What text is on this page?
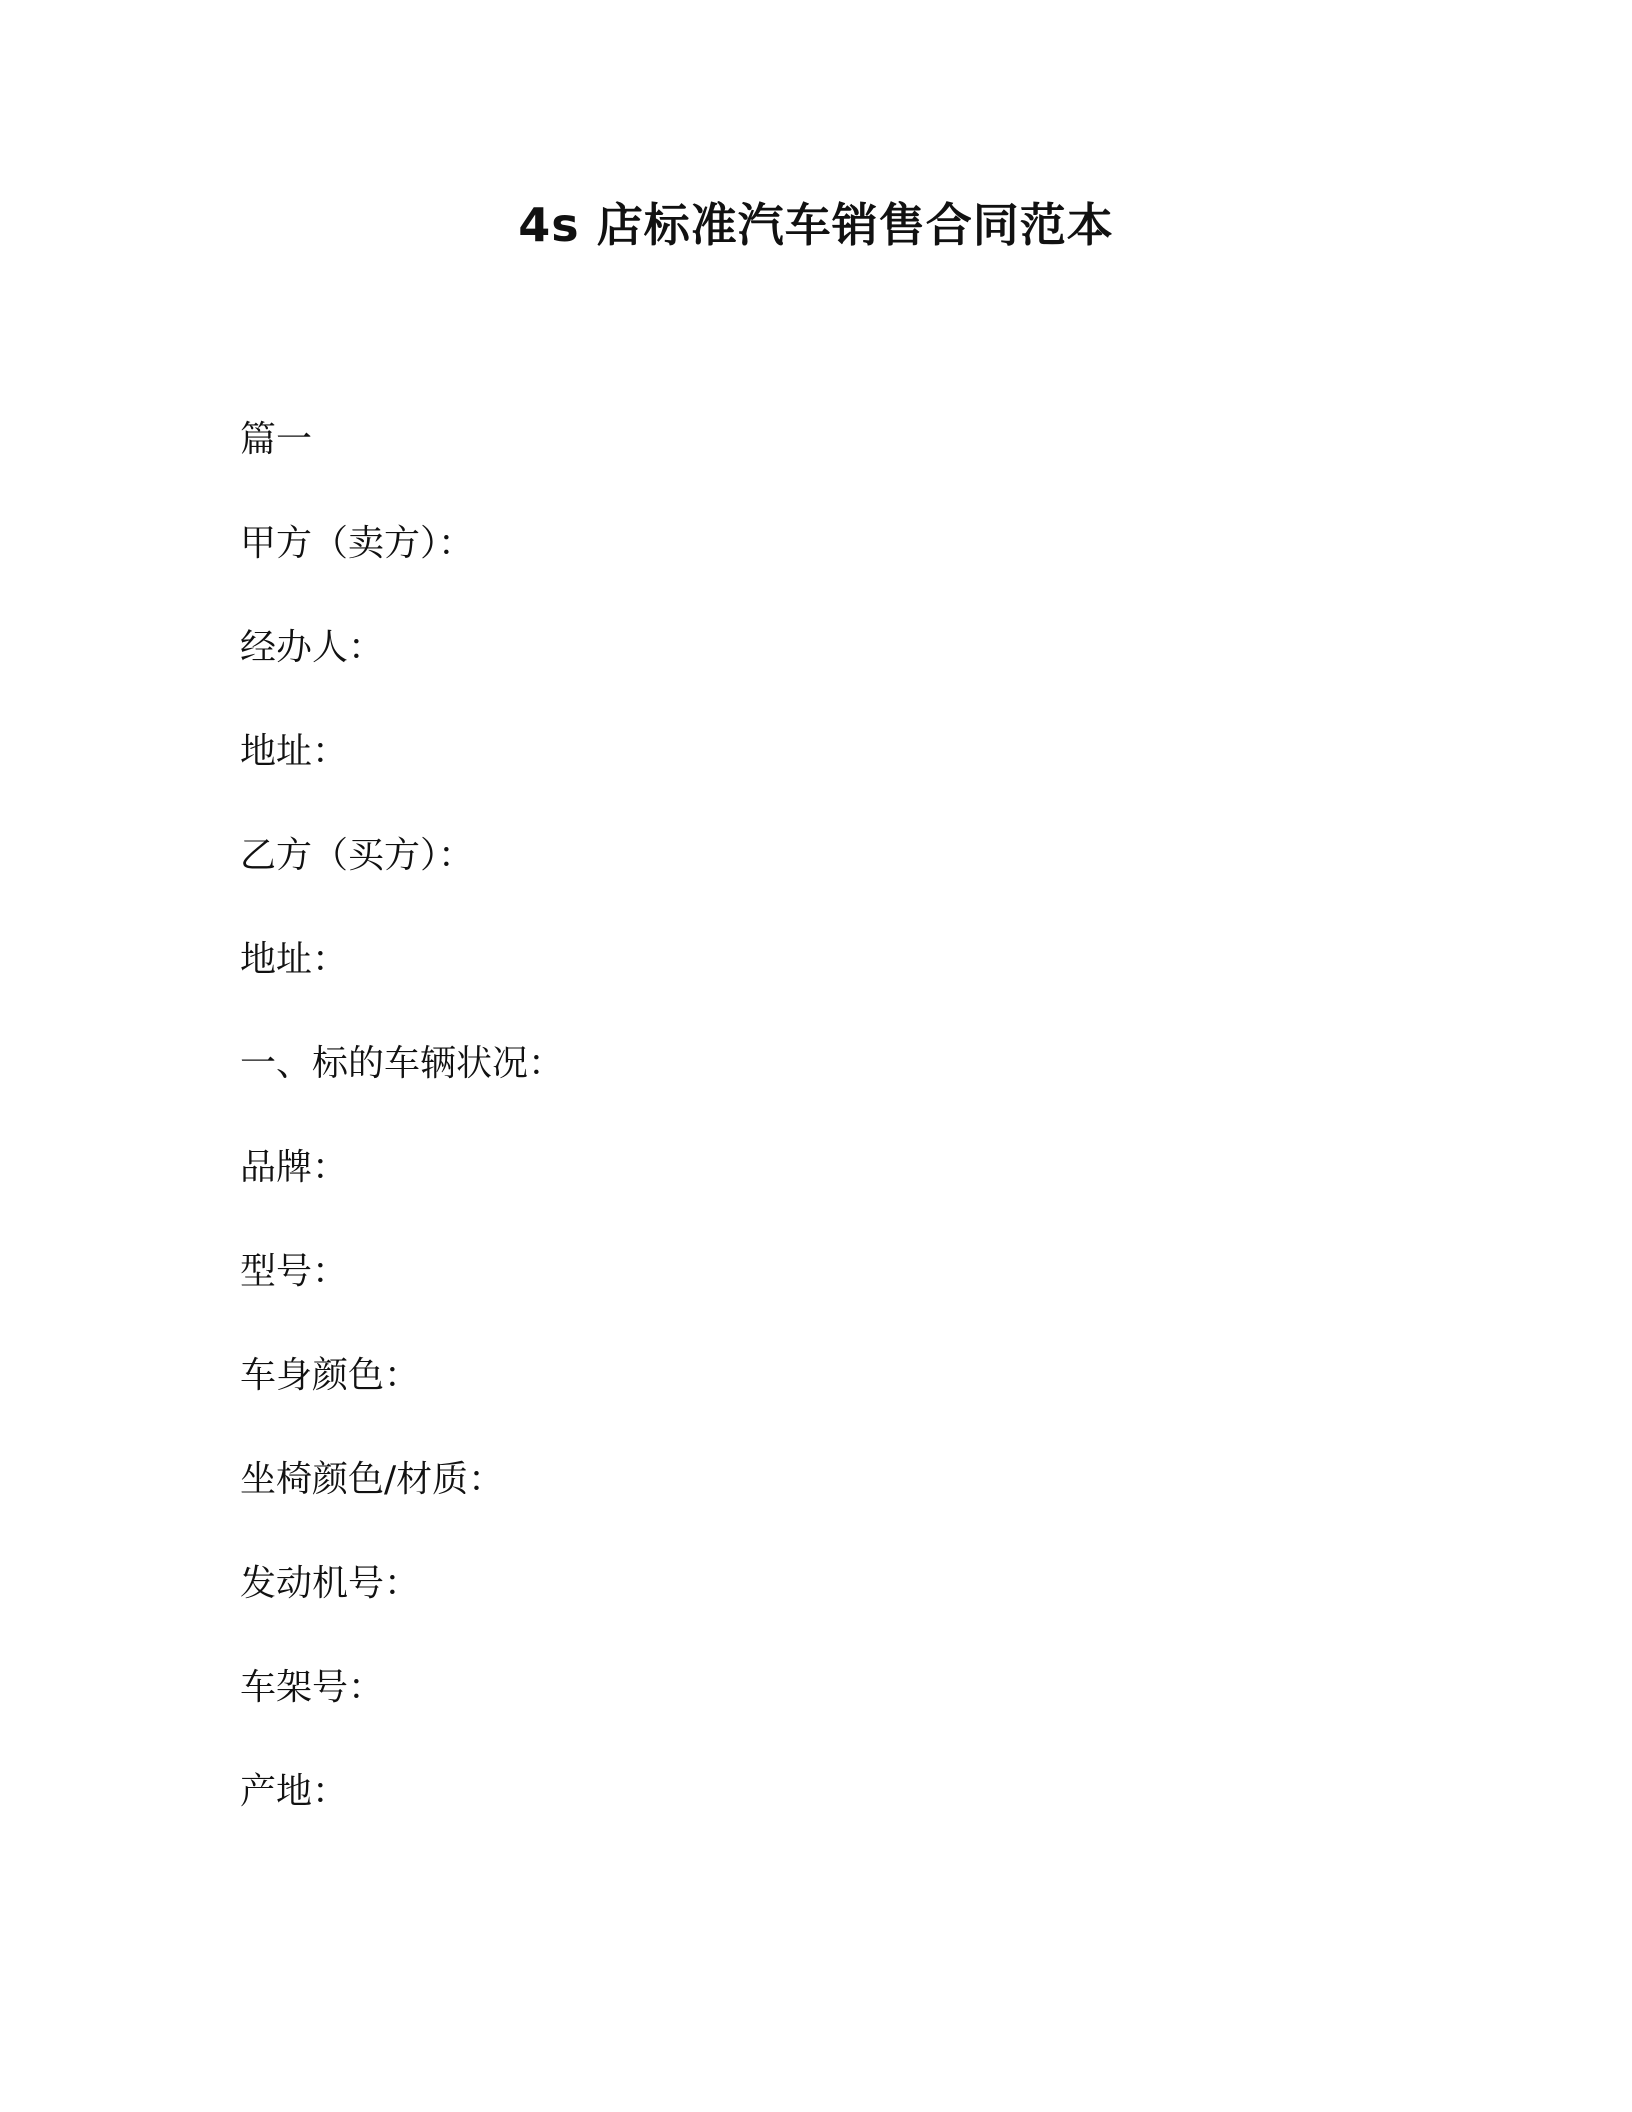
4s 店标准汽车销售合同范本
篇一
甲方（卖方）：
经办人：
地址：
乙方（买方）：
地址：
一、标的车辆状况：
品牌：
型号：
车身颜色：
坐椅颜色/材质：
发动机号：
车架号：
产地：
